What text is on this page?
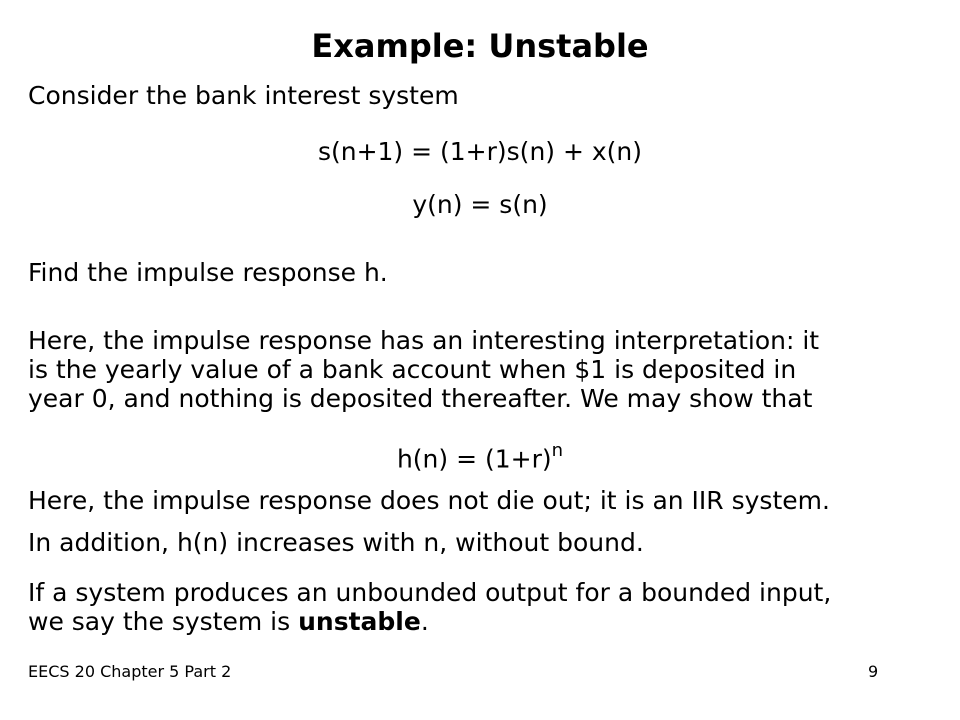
Example: Unstable
Consider the bank interest system
s(n+1) = (1+r)s(n) + x(n)
y(n) = s(n)
Find the impulse response h.
Here, the impulse response has an interesting interpretation: it
is the yearly value of a bank account when $1 is deposited in
year 0, and nothing is deposited thereafter. We may show that
$h(n) = (1+r)^n$
Here, the impulse response does not die out; it is an IIR system.
In addition, h(n) increases with n, without bound.
If a system produces an unbounded output for a bounded input,
we say the system is unstable.
EECS 20 Chapter 5 Part 2	9
